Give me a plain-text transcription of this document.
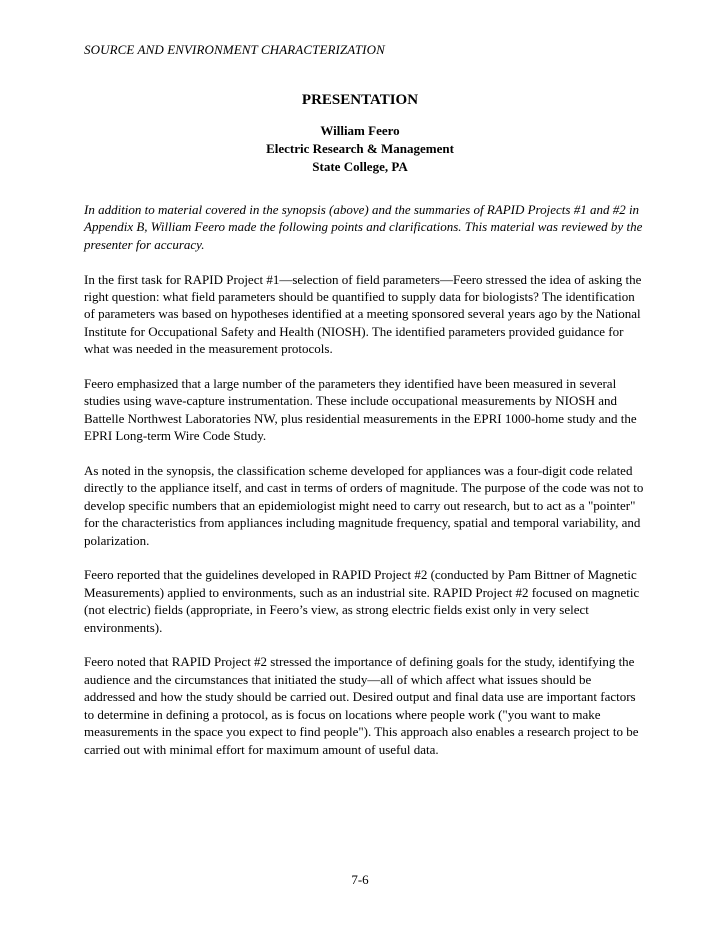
SOURCE AND ENVIRONMENT CHARACTERIZATION
PRESENTATION
William Feero
Electric Research & Management
State College, PA

In addition to material covered in the synopsis (above) and the summaries of RAPID Projects #1 and #2 in Appendix B, William Feero made the following points and clarifications. This material was reviewed by the presenter for accuracy.

In the first task for RAPID Project #1—selection of field parameters—Feero stressed the idea of asking the right question: what field parameters should be quantified to supply data for biologists? The identification of parameters was based on hypotheses identified at a meeting sponsored several years ago by the National Institute for Occupational Safety and Health (NIOSH). The identified parameters provided guidance for what was needed in the measurement protocols.

Feero emphasized that a large number of the parameters they identified have been measured in several studies using wave-capture instrumentation. These include occupational measurements by NIOSH and Battelle Northwest Laboratories NW, plus residential measurements in the EPRI 1000-home study and the EPRI Long-term Wire Code Study.

As noted in the synopsis, the classification scheme developed for appliances was a four-digit code related directly to the appliance itself, and cast in terms of orders of magnitude. The purpose of the code was not to develop specific numbers that an epidemiologist might need to carry out research, but to act as a "pointer" for the characteristics from appliances including magnitude frequency, spatial and temporal variability, and polarization.

Feero reported that the guidelines developed in RAPID Project #2 (conducted by Pam Bittner of Magnetic Measurements) applied to environments, such as an industrial site. RAPID Project #2 focused on magnetic (not electric) fields (appropriate, in Feero’s view, as strong electric fields exist only in very select environments).

Feero noted that RAPID Project #2 stressed the importance of defining goals for the study, identifying the audience and the circumstances that initiated the study—all of which affect what issues should be addressed and how the study should be carried out. Desired output and final data use are important factors to determine in defining a protocol, as is focus on locations where people work ("you want to make measurements in the space you expect to find people"). This approach also enables a research project to be carried out with minimal effort for maximum amount of useful data.

7-6
